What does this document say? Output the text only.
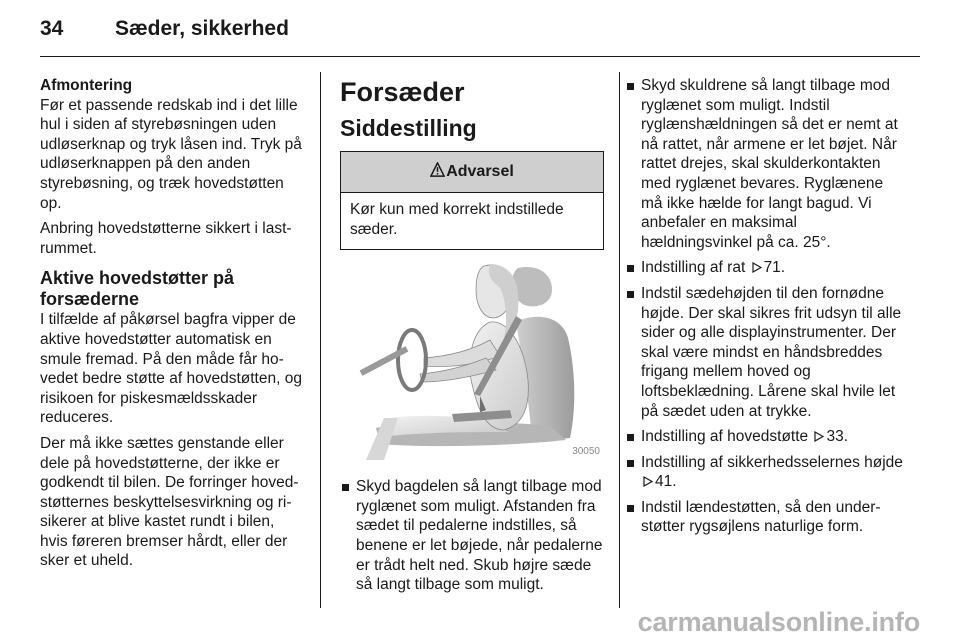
34 Sæder, sikkerhed

Afmontering

Før et passende redskab ind i det lille hul i siden af styrebøsningen uden udløserknap og tryk låsen ind. Tryk på udløserknappen på den anden styrebøsning, og træk hovedstøtten op.

Anbring hovedstøtterne sikkert i lastrummet.

Aktive hovedstøtter på forsæderne

I tilfælde af påkørsel bagfra vipper de aktive hovedstøtter automatisk en smule fremad. På den måde får hovedet bedre støtte af hovedstøtten, og risikoen for piskesmældsskader reduceres.

Der må ikke sættes genstande eller dele på hovedstøtterne, der ikke er godkendt til bilen. De forringer hovedstøtternes beskyttelsesvirkning og risikerer at blive kastet rundt i bilen, hvis føreren bremser hårdt, eller der sker et uheld.

Forsæder

Siddestilling

Advarsel
Kør kun med korrekt indstillede sæder.
30050
Skyd bagdelen så langt tilbage mod ryglænet som muligt. Afstanden fra sædet til pedalerne indstilles, så benene er let bøjede, når pedalerne er trådt helt ned. Skub højre sæde så langt tilbage som muligt.
Skyd skuldrene så langt tilbage mod ryglænet som muligt. Indstil ryglænshældningen så det er nemt at nå rattet, når armene er let bøjet. Når rattet drejes, skal skulderkontakten med ryglænet bevares. Ryglænene må ikke hælde for langt bagud. Vi anbefaler en maksimal hældningsvinkel på ca. 25°.
Indstilling af rat 71.
Indstil sædehøjden til den fornødne højde. Der skal sikres frit udsyn til alle sider og alle displayinstrumenter. Der skal være mindst en håndsbreddes frigang mellem hoved og loftsbeklædning. Lårene skal hvile let på sædet uden at trykke.
Indstilling af hovedstøtte 33.
Indstilling af sikkerhedsselernes højde 41.
Indstil lændestøtten, så den understøtter rygsøjlens naturlige form.
carmanualsonline.info
